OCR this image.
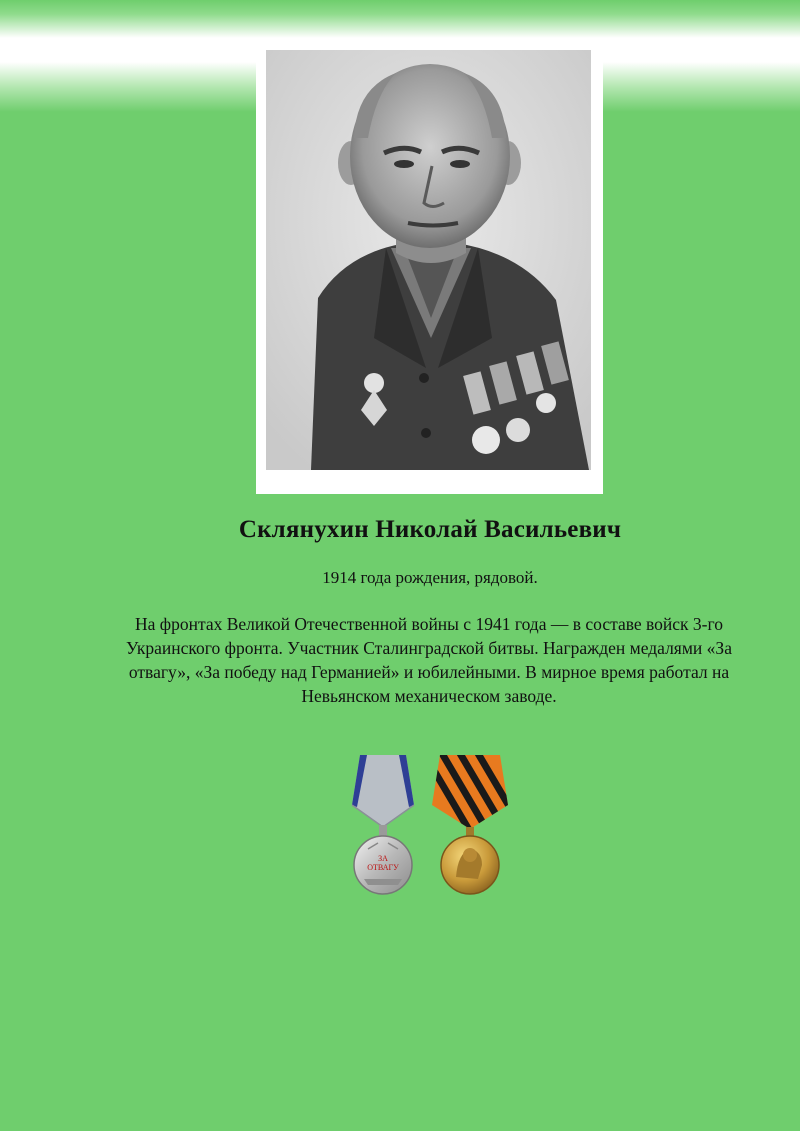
Склянухин Николай Васильевич
1914 года рождения, рядовой.
На фронтах Великой Отечественной войны с 1941 года — в составе войск 3-го Украинского фронта. Участник Сталинградской битвы. Награжден медалями «За отвагу», «За победу над Германией» и юбилейными. В мирное время работал на Невьянском механическом заводе.
ЗА
ОТВАГУ
